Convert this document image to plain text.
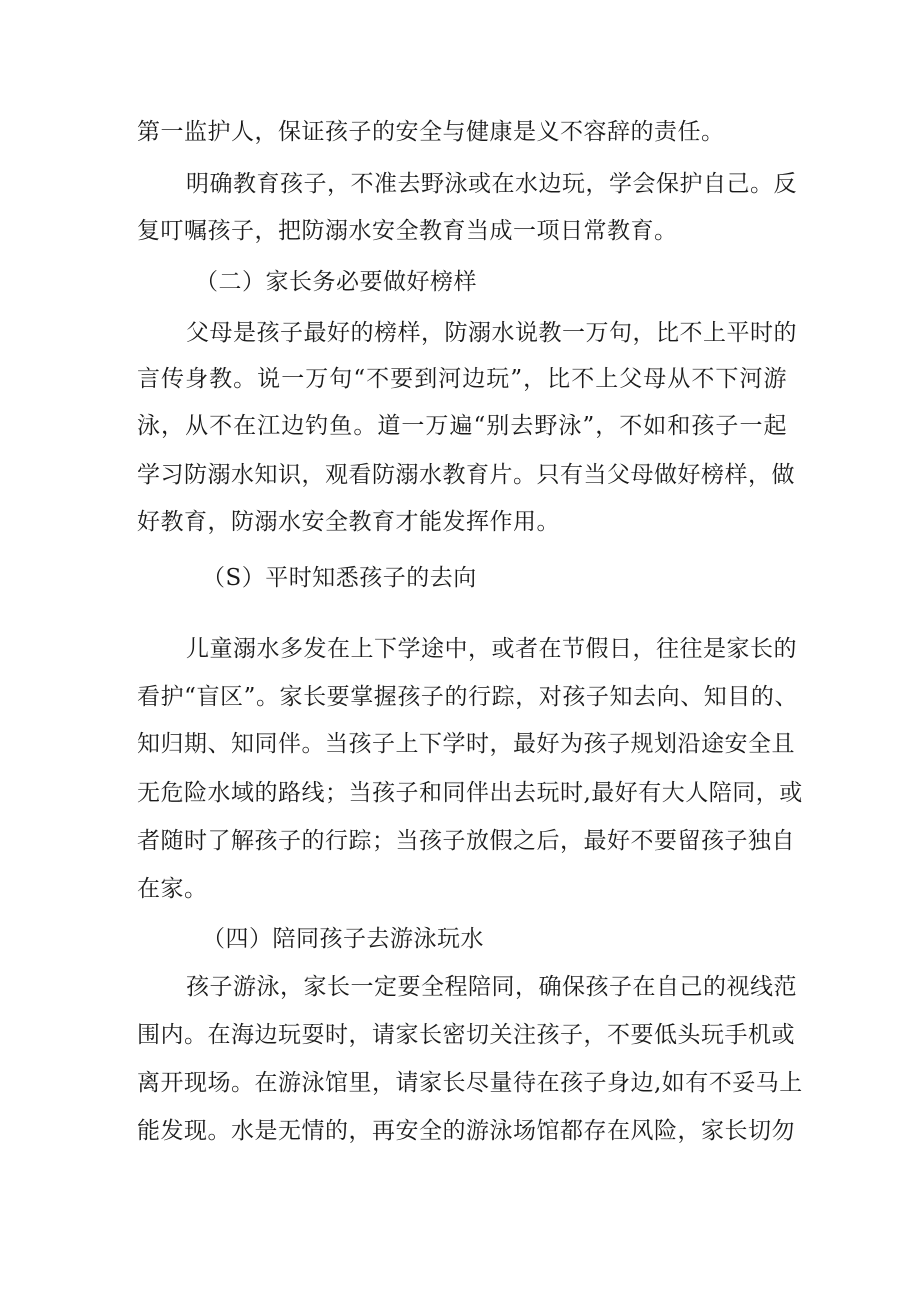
第一监护人，保证孩子的安全与健康是义不容辞的责任。
明确教育孩子，不准去野泳或在水边玩，学会保护自己。反
复叮嘱孩子，把防溺水安全教育当成一项日常教育。
（二）家长务必要做好榜样
父母是孩子最好的榜样，防溺水说教一万句，比不上平时的
言传身教。说一万句“不要到河边玩”，比不上父母从不下河游
泳，从不在江边钓鱼。道一万遍“别去野泳”，不如和孩子一起
学习防溺水知识，观看防溺水教育片。只有当父母做好榜样，做
好教育，防溺水安全教育才能发挥作用。
（S）平时知悉孩子的去向
儿童溺水多发在上下学途中，或者在节假日，往往是家长的
看护“盲区”。家长要掌握孩子的行踪，对孩子知去向、知目的、
知归期、知同伴。当孩子上下学时，最好为孩子规划沿途安全且
无危险水域的路线；当孩子和同伴出去玩时,最好有大人陪同，或
者随时了解孩子的行踪；当孩子放假之后，最好不要留孩子独自
在家。
（四）陪同孩子去游泳玩水
孩子游泳，家长一定要全程陪同，确保孩子在自己的视线范
围内。在海边玩耍时，请家长密切关注孩子，不要低头玩手机或
离开现场。在游泳馆里，请家长尽量待在孩子身边,如有不妥马上
能发现。水是无情的，再安全的游泳场馆都存在风险，家长切勿
